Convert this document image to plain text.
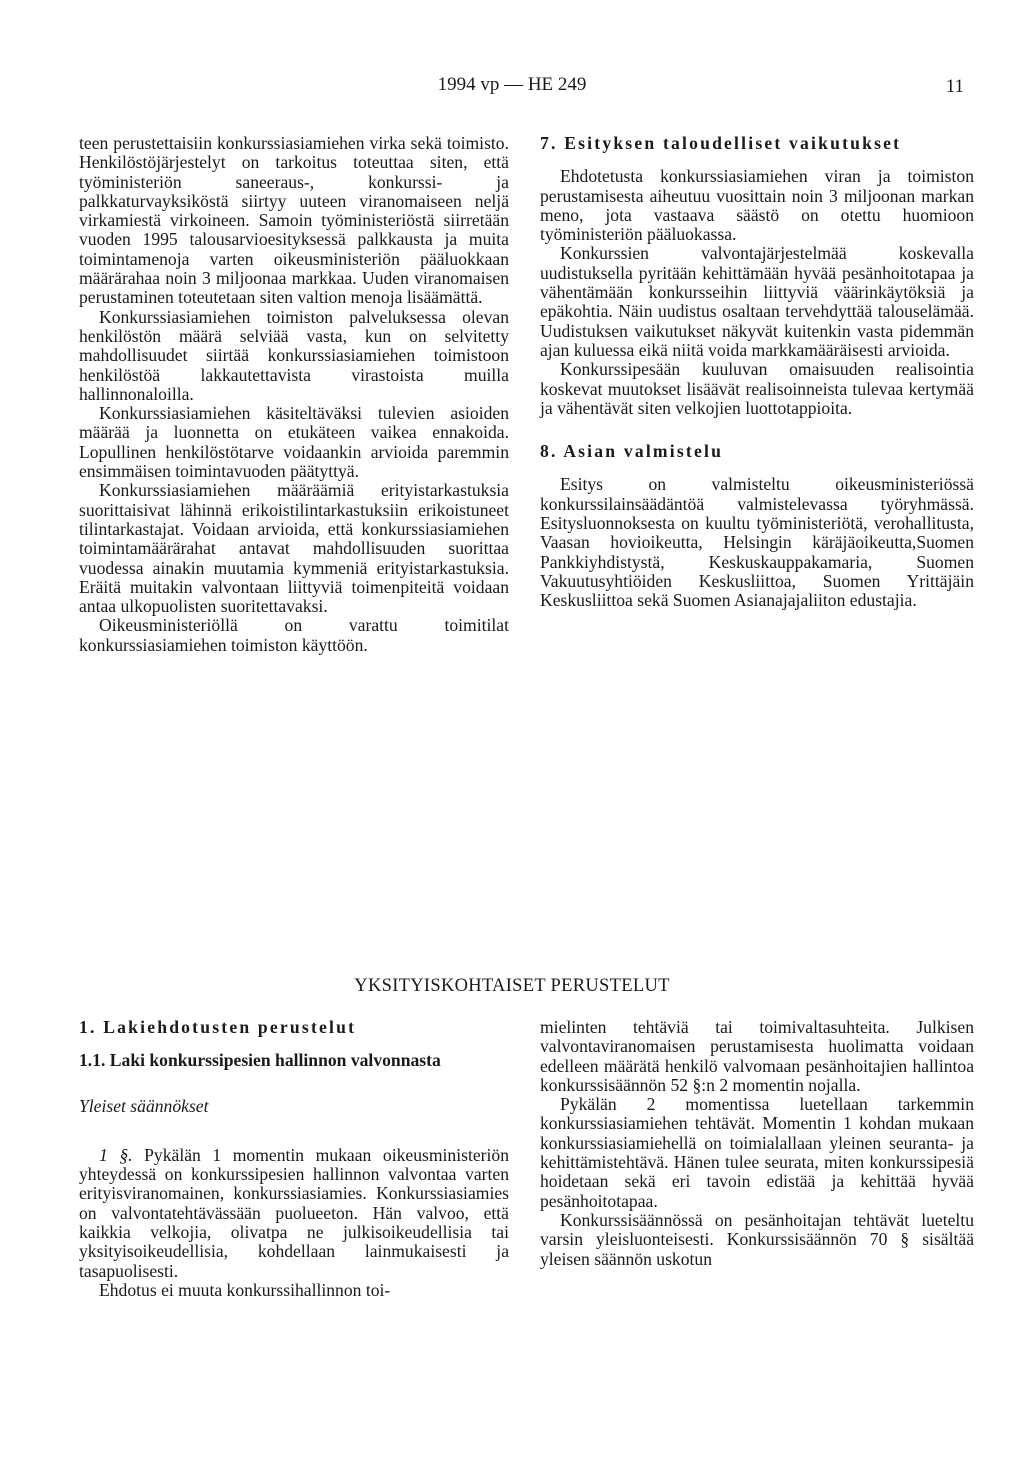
1994 vp — HE 249	11

teen perustettaisiin konkurssiasiamiehen virka sekä toimisto. Henkilöstöjärjestelyt on tarkoitus toteuttaa siten, että työministeriön saneeraus-, konkurssi- ja palkkaturvayksiköstä siirtyy uuteen viranomaiseen neljä virkamiestä virkoineen. Samoin työministeriöstä siirretään vuoden 1995 talousarvioesityksessä palkkausta ja muita toimintamenoja varten oikeusministeriön pääluokkaan määrärahaa noin 3 miljoonaa markkaa. Uuden viranomaisen perustaminen toteutetaan siten valtion menoja lisäämättä.

Konkurssiasiamiehen toimiston palveluksessa olevan henkilöstön määrä selviää vasta, kun on selvitetty mahdollisuudet siirtää konkurssiasiamiehen toimistoon henkilöstöä lakkautettavista virastoista muilla hallinnonaloilla.

Konkurssiasiamiehen käsiteltäväksi tulevien asioiden määrää ja luonnetta on etukäteen vaikea ennakoida. Lopullinen henkilöstötarve voidaankin arvioida paremmin ensimmäisen toimintavuoden päätyttyä.

Konkurssiasiamiehen määräämiä erityistarkastuksia suorittaisivat lähinnä erikoistilintarkastuksiin erikoistuneet tilintarkastajat. Voidaan arvioida, että konkurssiasiamiehen toimintamäärärahat antavat mahdollisuuden suorittaa vuodessa ainakin muutamia kymmeniä erityistarkastuksia. Eräitä muitakin valvontaan liittyviä toimenpiteitä voidaan antaa ulkopuolisten suoritettavaksi.

Oikeusministeriöllä on varattu toimitilat konkurssiasiamiehen toimiston käyttöön.

7. Esityksen taloudelliset vaikutukset

Ehdotetusta konkurssiasiamiehen viran ja toimiston perustamisesta aiheutuu vuosittain noin 3 miljoonan markan meno, jota vastaava säästö on otettu huomioon työministeriön pääluokassa.

Konkurssien valvontajärjestelmää koskevalla uudistuksella pyritään kehittämään hyvää pesänhoitotapaa ja vähentämään konkursseihin liittyviä väärinkäytöksiä ja epäkohtia. Näin uudistus osaltaan tervehdyttää talouselämää. Uudistuksen vaikutukset näkyvät kuitenkin vasta pidemmän ajan kuluessa eikä niitä voida markkamääräisesti arvioida.

Konkurssipesään kuuluvan omaisuuden realisointia koskevat muutokset lisäävät realisoinneista tulevaa kertymää ja vähentävät siten velkojien luottotappioita.

8. Asian valmistelu

Esitys on valmisteltu oikeusministeriössä konkurssilainsäädäntöä valmistelevassa työryhmässä. Esitysluonnoksesta on kuultu työministeriötä, verohallitusta, Vaasan hovioikeutta, Helsingin käräjäoikeutta,Suomen Pankkiyhdistystä, Keskuskauppakamaria, Suomen Vakuutusyhtiöiden Keskusliittoa, Suomen Yrittäjäin Keskusliittoa sekä Suomen Asianajajaliiton edustajia.

YKSITYISKOHTAISET PERUSTELUT
1. Lakiehdotusten perustelut
1.1. Laki konkurssipesien hallinnon valvonnasta
Yleiset säännökset

1 §. Pykälän 1 momentin mukaan oikeusministeriön yhteydessä on konkurssipesien hallinnon valvontaa varten erityisviranomainen, konkurssiasiamies. Konkurssiasiamies on valvontatehtävässään puolueeton. Hän valvoo, että kaikkia velkojia, olivatpa ne julkisoikeudellisia tai yksityisoikeudellisia, kohdellaan lainmukaisesti ja tasapuolisesti.

Ehdotus ei muuta konkurssihallinnon toi-

mielinten tehtäviä tai toimivaltasuhteita. Julkisen valvontaviranomaisen perustamisesta huolimatta voidaan edelleen määrätä henkilö valvomaan pesänhoitajien hallintoa konkurssisäännön 52 §:n 2 momentin nojalla.

Pykälän 2 momentissa luetellaan tarkemmin konkurssiasiamiehen tehtävät. Momentin 1 kohdan mukaan konkurssiasiamiehellä on toimialallaan yleinen seuranta- ja kehittämistehtävä. Hänen tulee seurata, miten konkurssipesiä hoidetaan sekä eri tavoin edistää ja kehittää hyvää pesänhoitotapaa.

Konkurssisäännössä on pesänhoitajan tehtävät lueteltu varsin yleisluonteisesti. Konkurssisäännön 70 § sisältää yleisen säännön uskotun
